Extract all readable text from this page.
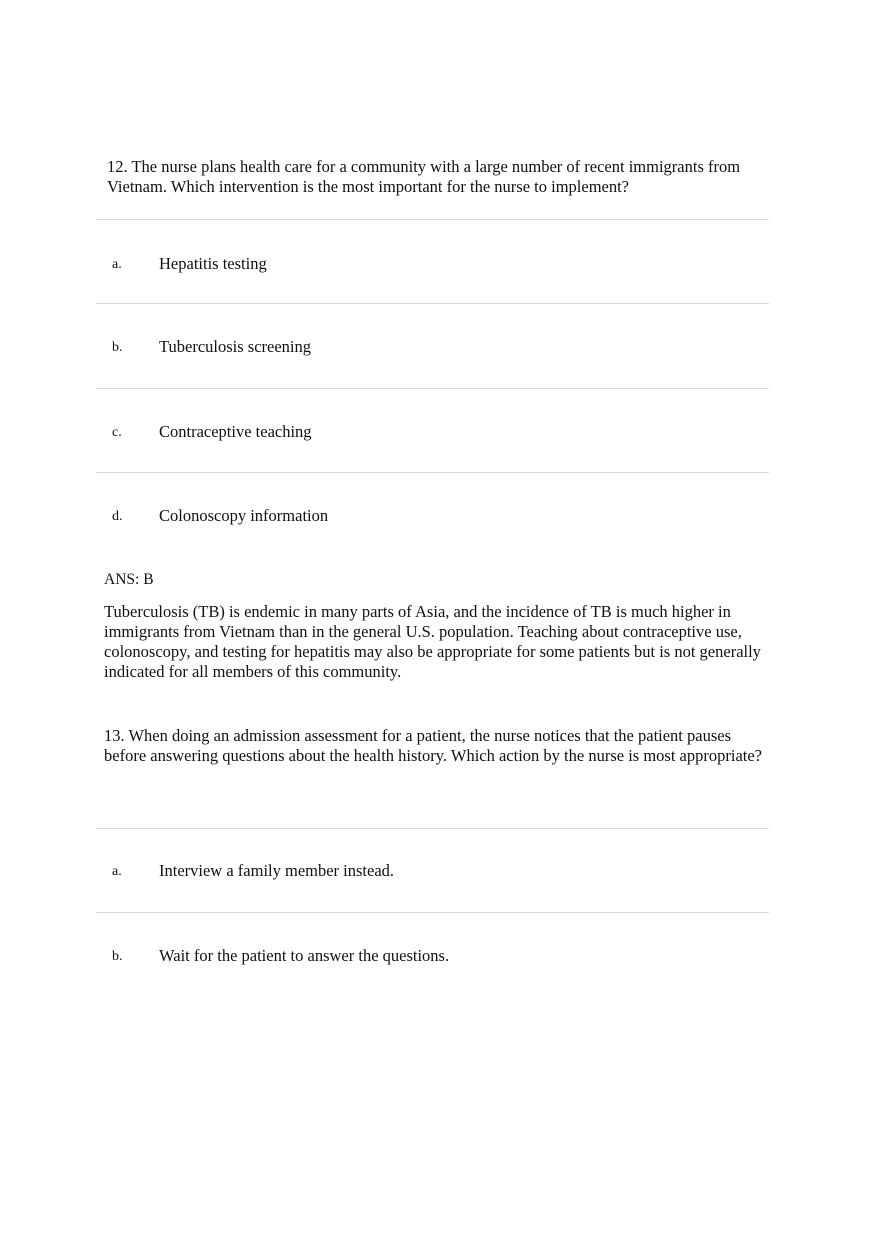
12. The nurse plans health care for a community with a large number of recent immigrants from Vietnam. Which intervention is the most important for the nurse to implement?

a. Hepatitis testing
b. Tuberculosis screening
c. Contraceptive teaching
d. Colonoscopy information
ANS: B

Tuberculosis (TB) is endemic in many parts of Asia, and the incidence of TB is much higher in immigrants from Vietnam than in the general U.S. population. Teaching about contraceptive use, colonoscopy, and testing for hepatitis may also be appropriate for some patients but is not generally indicated for all members of this community.

13. When doing an admission assessment for a patient, the nurse notices that the patient pauses before answering questions about the health history. Which action by the nurse is most appropriate?

a. Interview a family member instead.
b. Wait for the patient to answer the questions.
